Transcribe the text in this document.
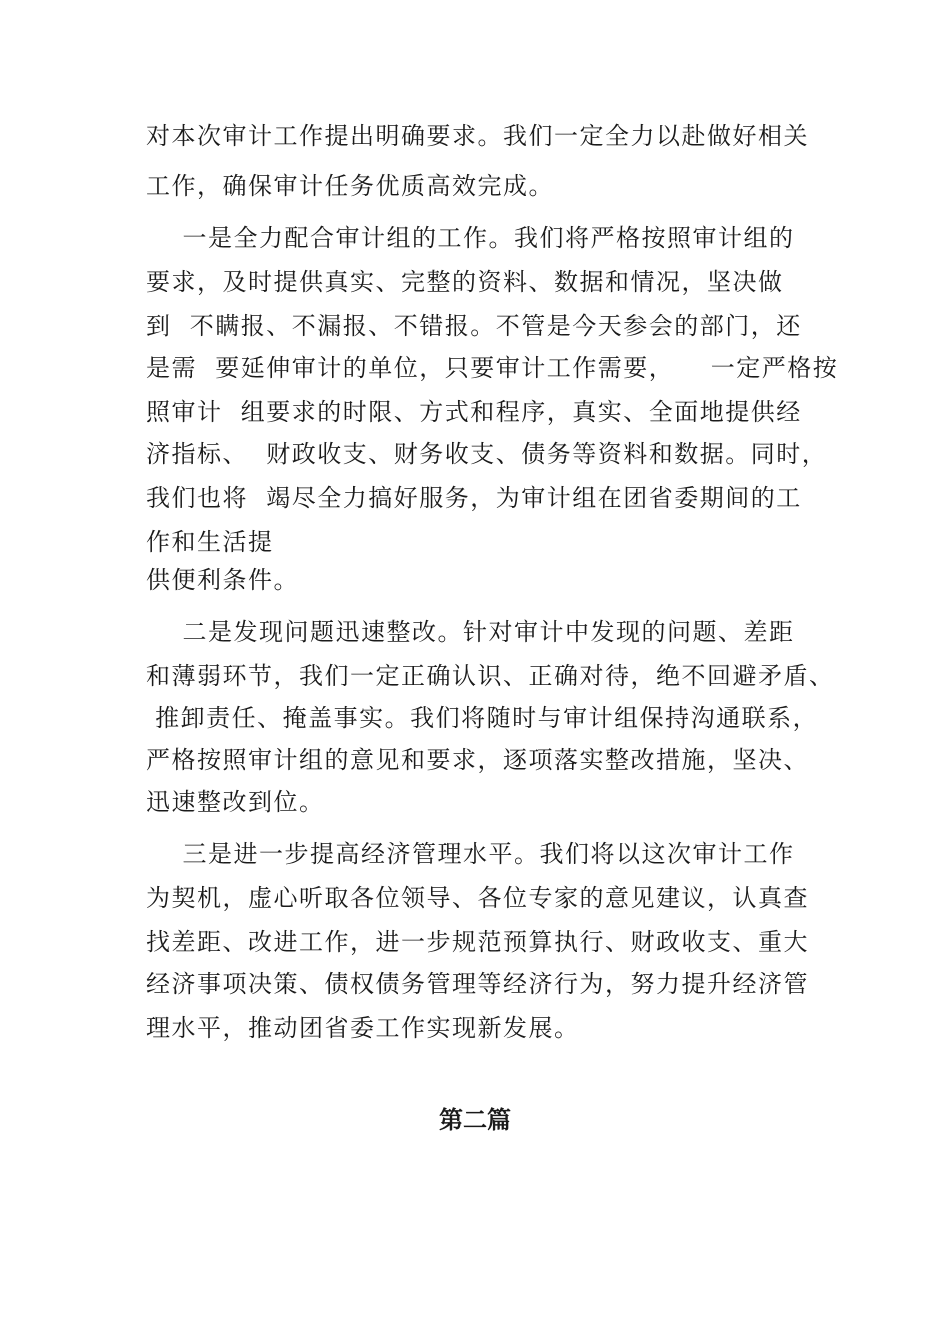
对本次审计工作提出明确要求。我们一定全力以赴做好相关
工作，确保审计任务优质高效完成。
一是全力配合审计组的工作。我们将严格按照审计组的
要求，及时提供真实、完整的资料、数据和情况，坚决做
到  不瞒报、不漏报、不错报。不管是今天参会的部门，还
是需  要延伸审计的单位，只要审计工作需要，    一定严格按
照审计  组要求的时限、方式和程序，真实、全面地提供经
济指标、  财政收支、财务收支、债务等资料和数据。同时，
我们也将  竭尽全力搞好服务，为审计组在团省委期间的工
作和生活提
供便利条件。
二是发现问题迅速整改。针对审计中发现的问题、差距
和薄弱环节，我们一定正确认识、正确对待，绝不回避矛盾、
推卸责任、掩盖事实。我们将随时与审计组保持沟通联系，
严格按照审计组的意见和要求，逐项落实整改措施，坚决、
迅速整改到位。
三是进一步提高经济管理水平。我们将以这次审计工作
为契机，虚心听取各位领导、各位专家的意见建议，认真查
找差距、改进工作，进一步规范预算执行、财政收支、重大
经济事项决策、债权债务管理等经济行为，努力提升经济管
理水平，推动团省委工作实现新发展。
第二篇
